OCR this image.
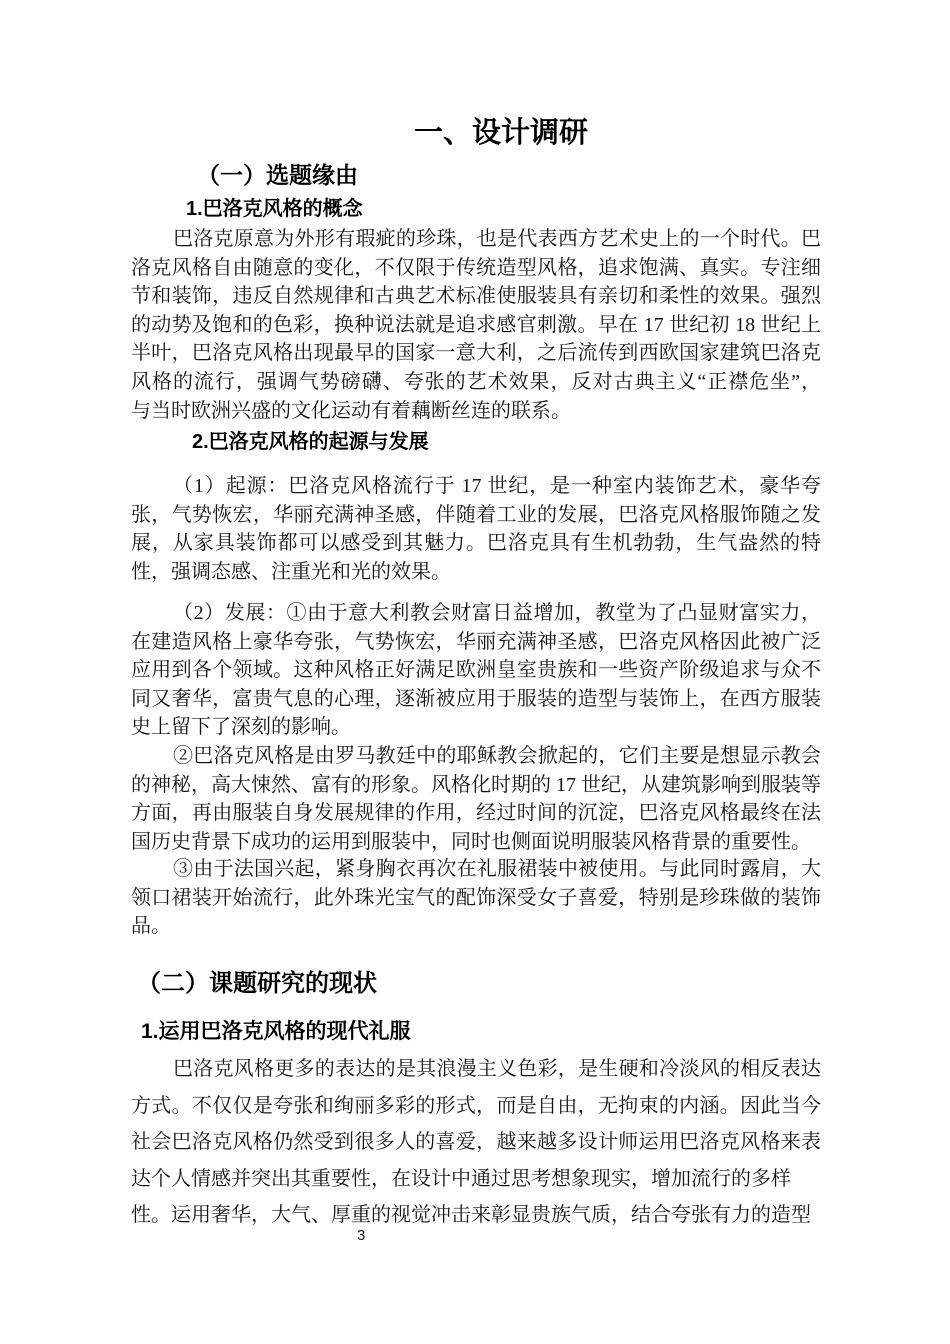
一、设计调研
（一）选题缘由
1.巴洛克风格的概念
巴洛克原意为外形有瑕疵的珍珠，也是代表西方艺术史上的一个时代。巴
洛克风格自由随意的变化，不仅限于传统造型风格，追求饱满、真实。专注细
节和装饰，违反自然规律和古典艺术标准使服装具有亲切和柔性的效果。强烈
的动势及饱和的色彩，换种说法就是追求感官刺激。早在 17 世纪初 18 世纪上
半叶，巴洛克风格出现最早的国家一意大利，之后流传到西欧国家建筑巴洛克
风格的流行，强调气势磅礴、夸张的艺术效果，反对古典主义“正襟危坐”，
与当时欧洲兴盛的文化运动有着藕断丝连的联系。
2.巴洛克风格的起源与发展
（1）起源：巴洛克风格流行于 17 世纪，是一种室内装饰艺术，豪华夸
张，气势恢宏，华丽充满神圣感，伴随着工业的发展，巴洛克风格服饰随之发
展，从家具装饰都可以感受到其魅力。巴洛克具有生机勃勃，生气盎然的特
性，强调态感、注重光和光的效果。
（2）发展：①由于意大利教会财富日益增加，教堂为了凸显财富实力，
在建造风格上豪华夸张，气势恢宏，华丽充满神圣感，巴洛克风格因此被广泛
应用到各个领域。这种风格正好满足欧洲皇室贵族和一些资产阶级追求与众不
同又奢华，富贵气息的心理，逐渐被应用于服装的造型与装饰上，在西方服装
史上留下了深刻的影响。
②巴洛克风格是由罗马教廷中的耶稣教会掀起的，它们主要是想显示教会
的神秘，高大悚然、富有的形象。风格化时期的 17 世纪，从建筑影响到服装等
方面，再由服装自身发展规律的作用，经过时间的沉淀，巴洛克风格最终在法
国历史背景下成功的运用到服装中，同时也侧面说明服装风格背景的重要性。
③由于法国兴起，紧身胸衣再次在礼服裙装中被使用。与此同时露肩，大
领口裙装开始流行，此外珠光宝气的配饰深受女子喜爱，特别是珍珠做的装饰
品。
（二）课题研究的现状
1.运用巴洛克风格的现代礼服
巴洛克风格更多的表达的是其浪漫主义色彩，是生硬和冷淡风的相反表达
方式。不仅仅是夸张和绚丽多彩的形式，而是自由，无拘束的内涵。因此当今
社会巴洛克风格仍然受到很多人的喜爱，越来越多设计师运用巴洛克风格来表
达个人情感并突出其重要性，在设计中通过思考想象现实，增加流行的多样
性。运用奢华，大气、厚重的视觉冲击来彰显贵族气质，结合夸张有力的造型
3
